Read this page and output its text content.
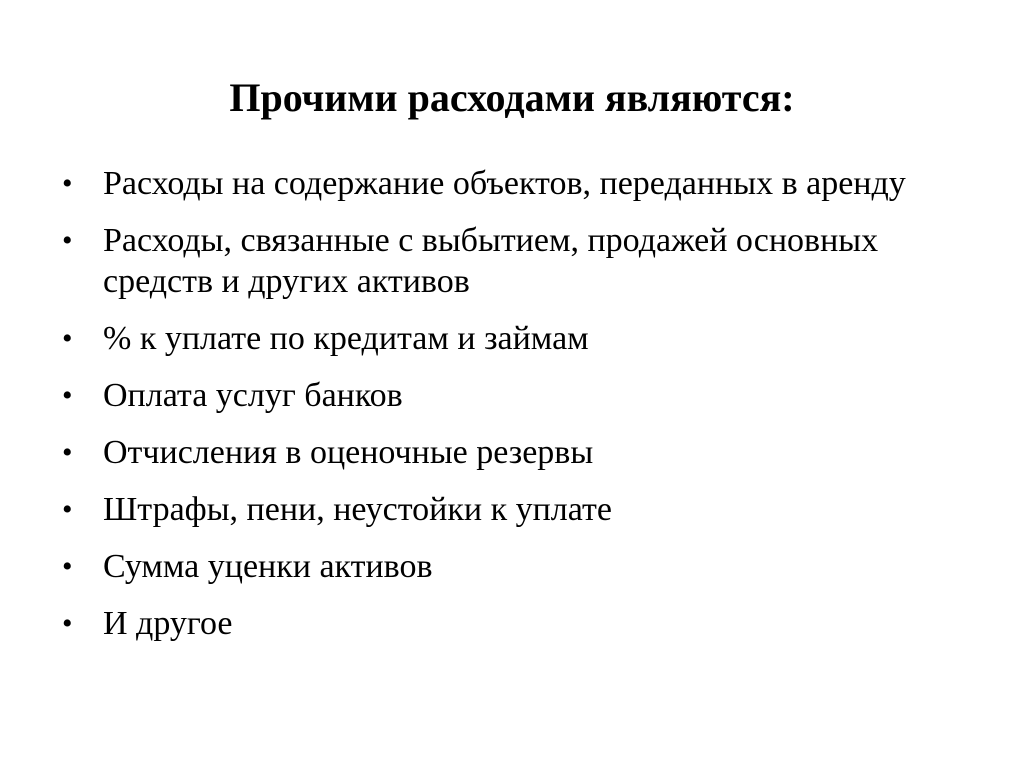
Прочими расходами являются:
• Расходы на содержание объектов, переданных в аренду
• Расходы, связанные с выбытием, продажей основных средств и других активов
• % к уплате по кредитам и займам
• Оплата услуг банков
• Отчисления в оценочные резервы
• Штрафы, пени, неустойки к уплате
• Сумма уценки активов
• И другое
